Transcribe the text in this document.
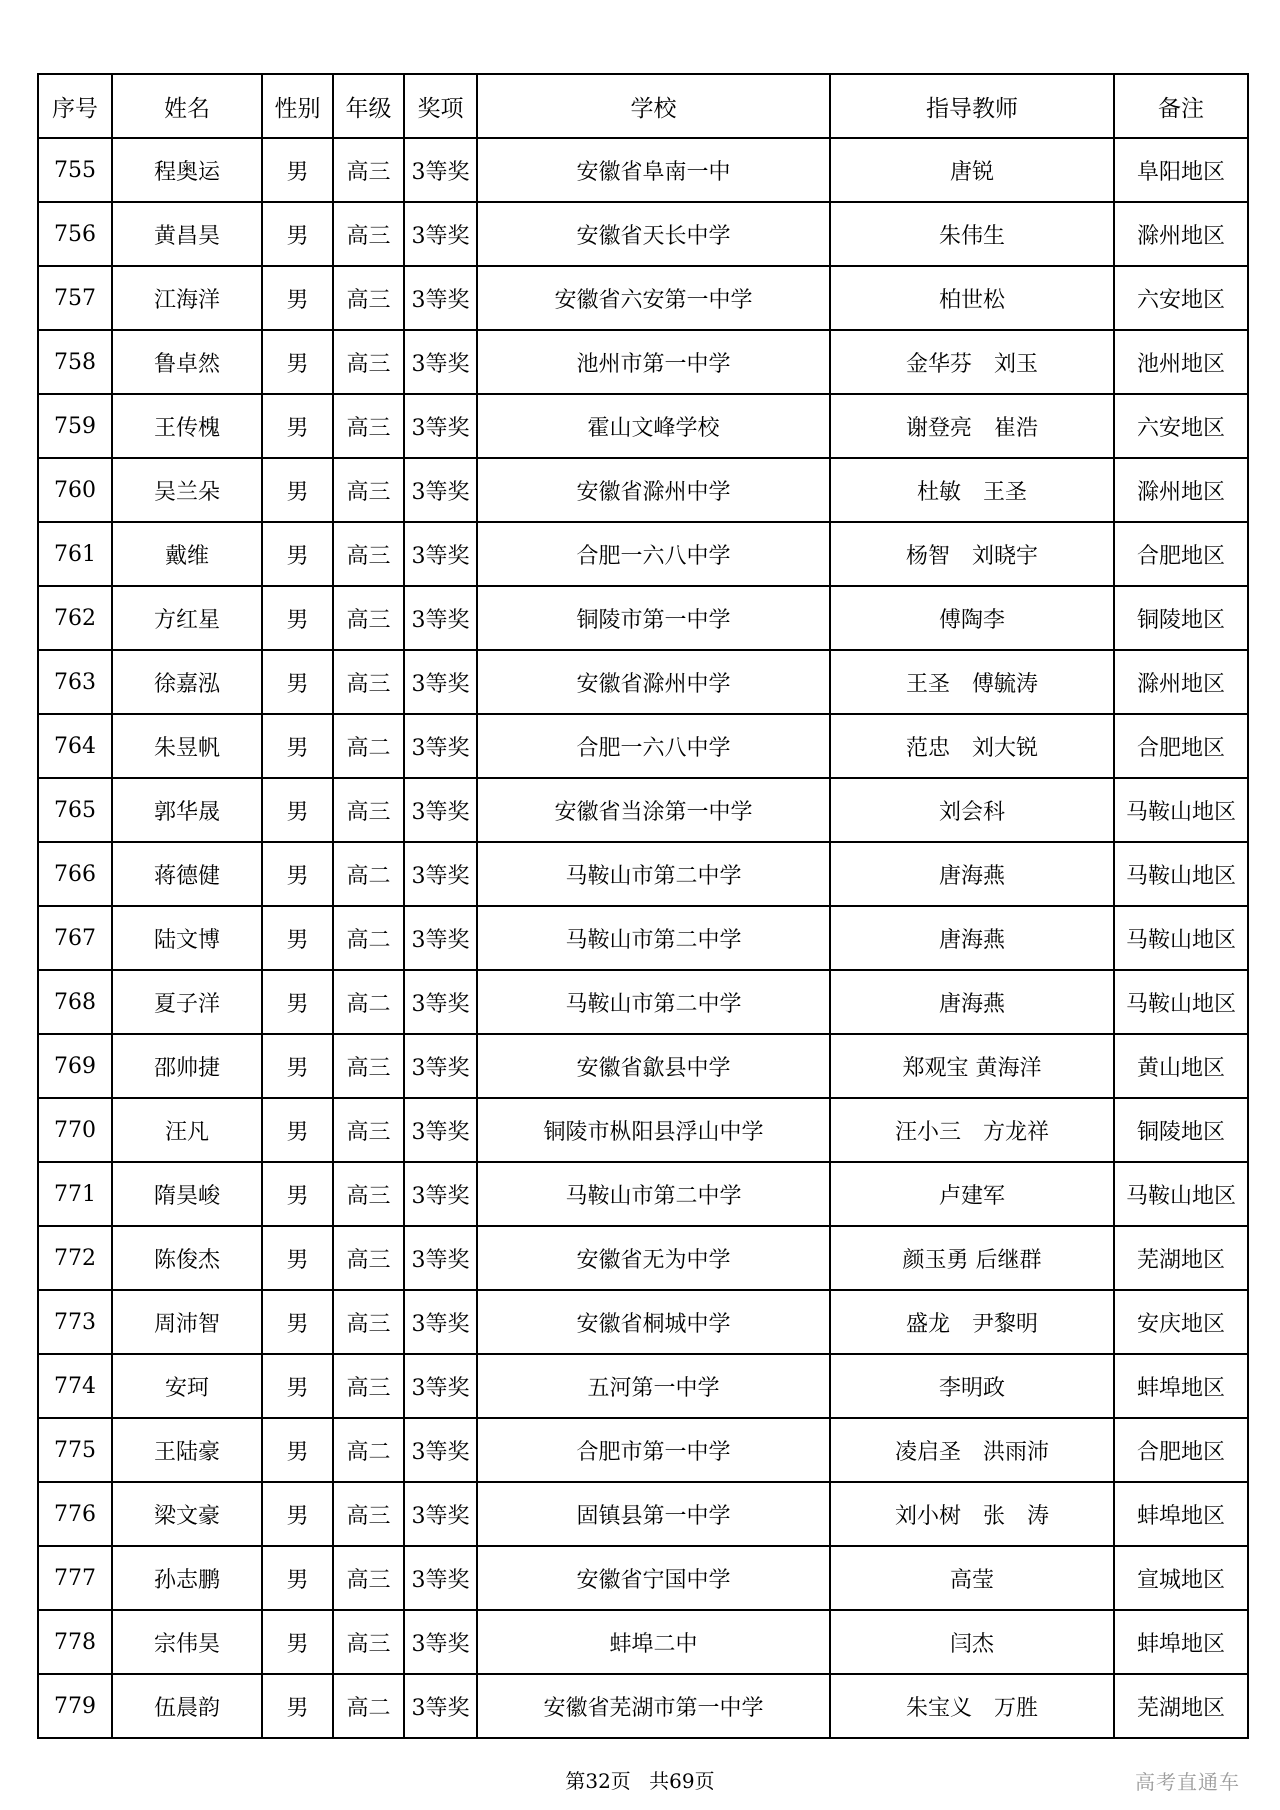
序号	姓名	性别	年级	奖项	学校	指导教师	备注
755	程奥运	男	高三	3等奖	安徽省阜南一中	唐锐	阜阳地区
756	黄昌昊	男	高三	3等奖	安徽省天长中学	朱伟生	滁州地区
757	江海洋	男	高三	3等奖	安徽省六安第一中学	柏世松	六安地区
758	鲁卓然	男	高三	3等奖	池州市第一中学	金华芬　刘玉	池州地区
759	王传槐	男	高三	3等奖	霍山文峰学校	谢登亮　崔浩	六安地区
760	吴兰朵	男	高三	3等奖	安徽省滁州中学	杜敏　王圣	滁州地区
761	戴维	男	高三	3等奖	合肥一六八中学	杨智　刘晓宇	合肥地区
762	方红星	男	高三	3等奖	铜陵市第一中学	傅陶李	铜陵地区
763	徐嘉泓	男	高三	3等奖	安徽省滁州中学	王圣　傅毓涛	滁州地区
764	朱昱帆	男	高二	3等奖	合肥一六八中学	范忠　刘大锐	合肥地区
765	郭华晟	男	高三	3等奖	安徽省当涂第一中学	刘会科	马鞍山地区
766	蒋德健	男	高二	3等奖	马鞍山市第二中学	唐海燕	马鞍山地区
767	陆文博	男	高二	3等奖	马鞍山市第二中学	唐海燕	马鞍山地区
768	夏子洋	男	高二	3等奖	马鞍山市第二中学	唐海燕	马鞍山地区
769	邵帅捷	男	高三	3等奖	安徽省歙县中学	郑观宝 黄海洋	黄山地区
770	汪凡	男	高三	3等奖	铜陵市枞阳县浮山中学	汪小三　方龙祥	铜陵地区
771	隋昊峻	男	高三	3等奖	马鞍山市第二中学	卢建军	马鞍山地区
772	陈俊杰	男	高三	3等奖	安徽省无为中学	颜玉勇 后继群	芜湖地区
773	周沛智	男	高三	3等奖	安徽省桐城中学	盛龙　尹黎明	安庆地区
774	安珂	男	高三	3等奖	五河第一中学	李明政	蚌埠地区
775	王陆豪	男	高二	3等奖	合肥市第一中学	凌启圣　洪雨沛	合肥地区
776	梁文豪	男	高三	3等奖	固镇县第一中学	刘小树　张　涛	蚌埠地区
777	孙志鹏	男	高三	3等奖	安徽省宁国中学	高莹	宣城地区
778	宗伟昊	男	高三	3等奖	蚌埠二中	闫杰	蚌埠地区
779	伍晨韵	男	高二	3等奖	安徽省芜湖市第一中学	朱宝义　万胜	芜湖地区
第32页 共69页	高考直通车
